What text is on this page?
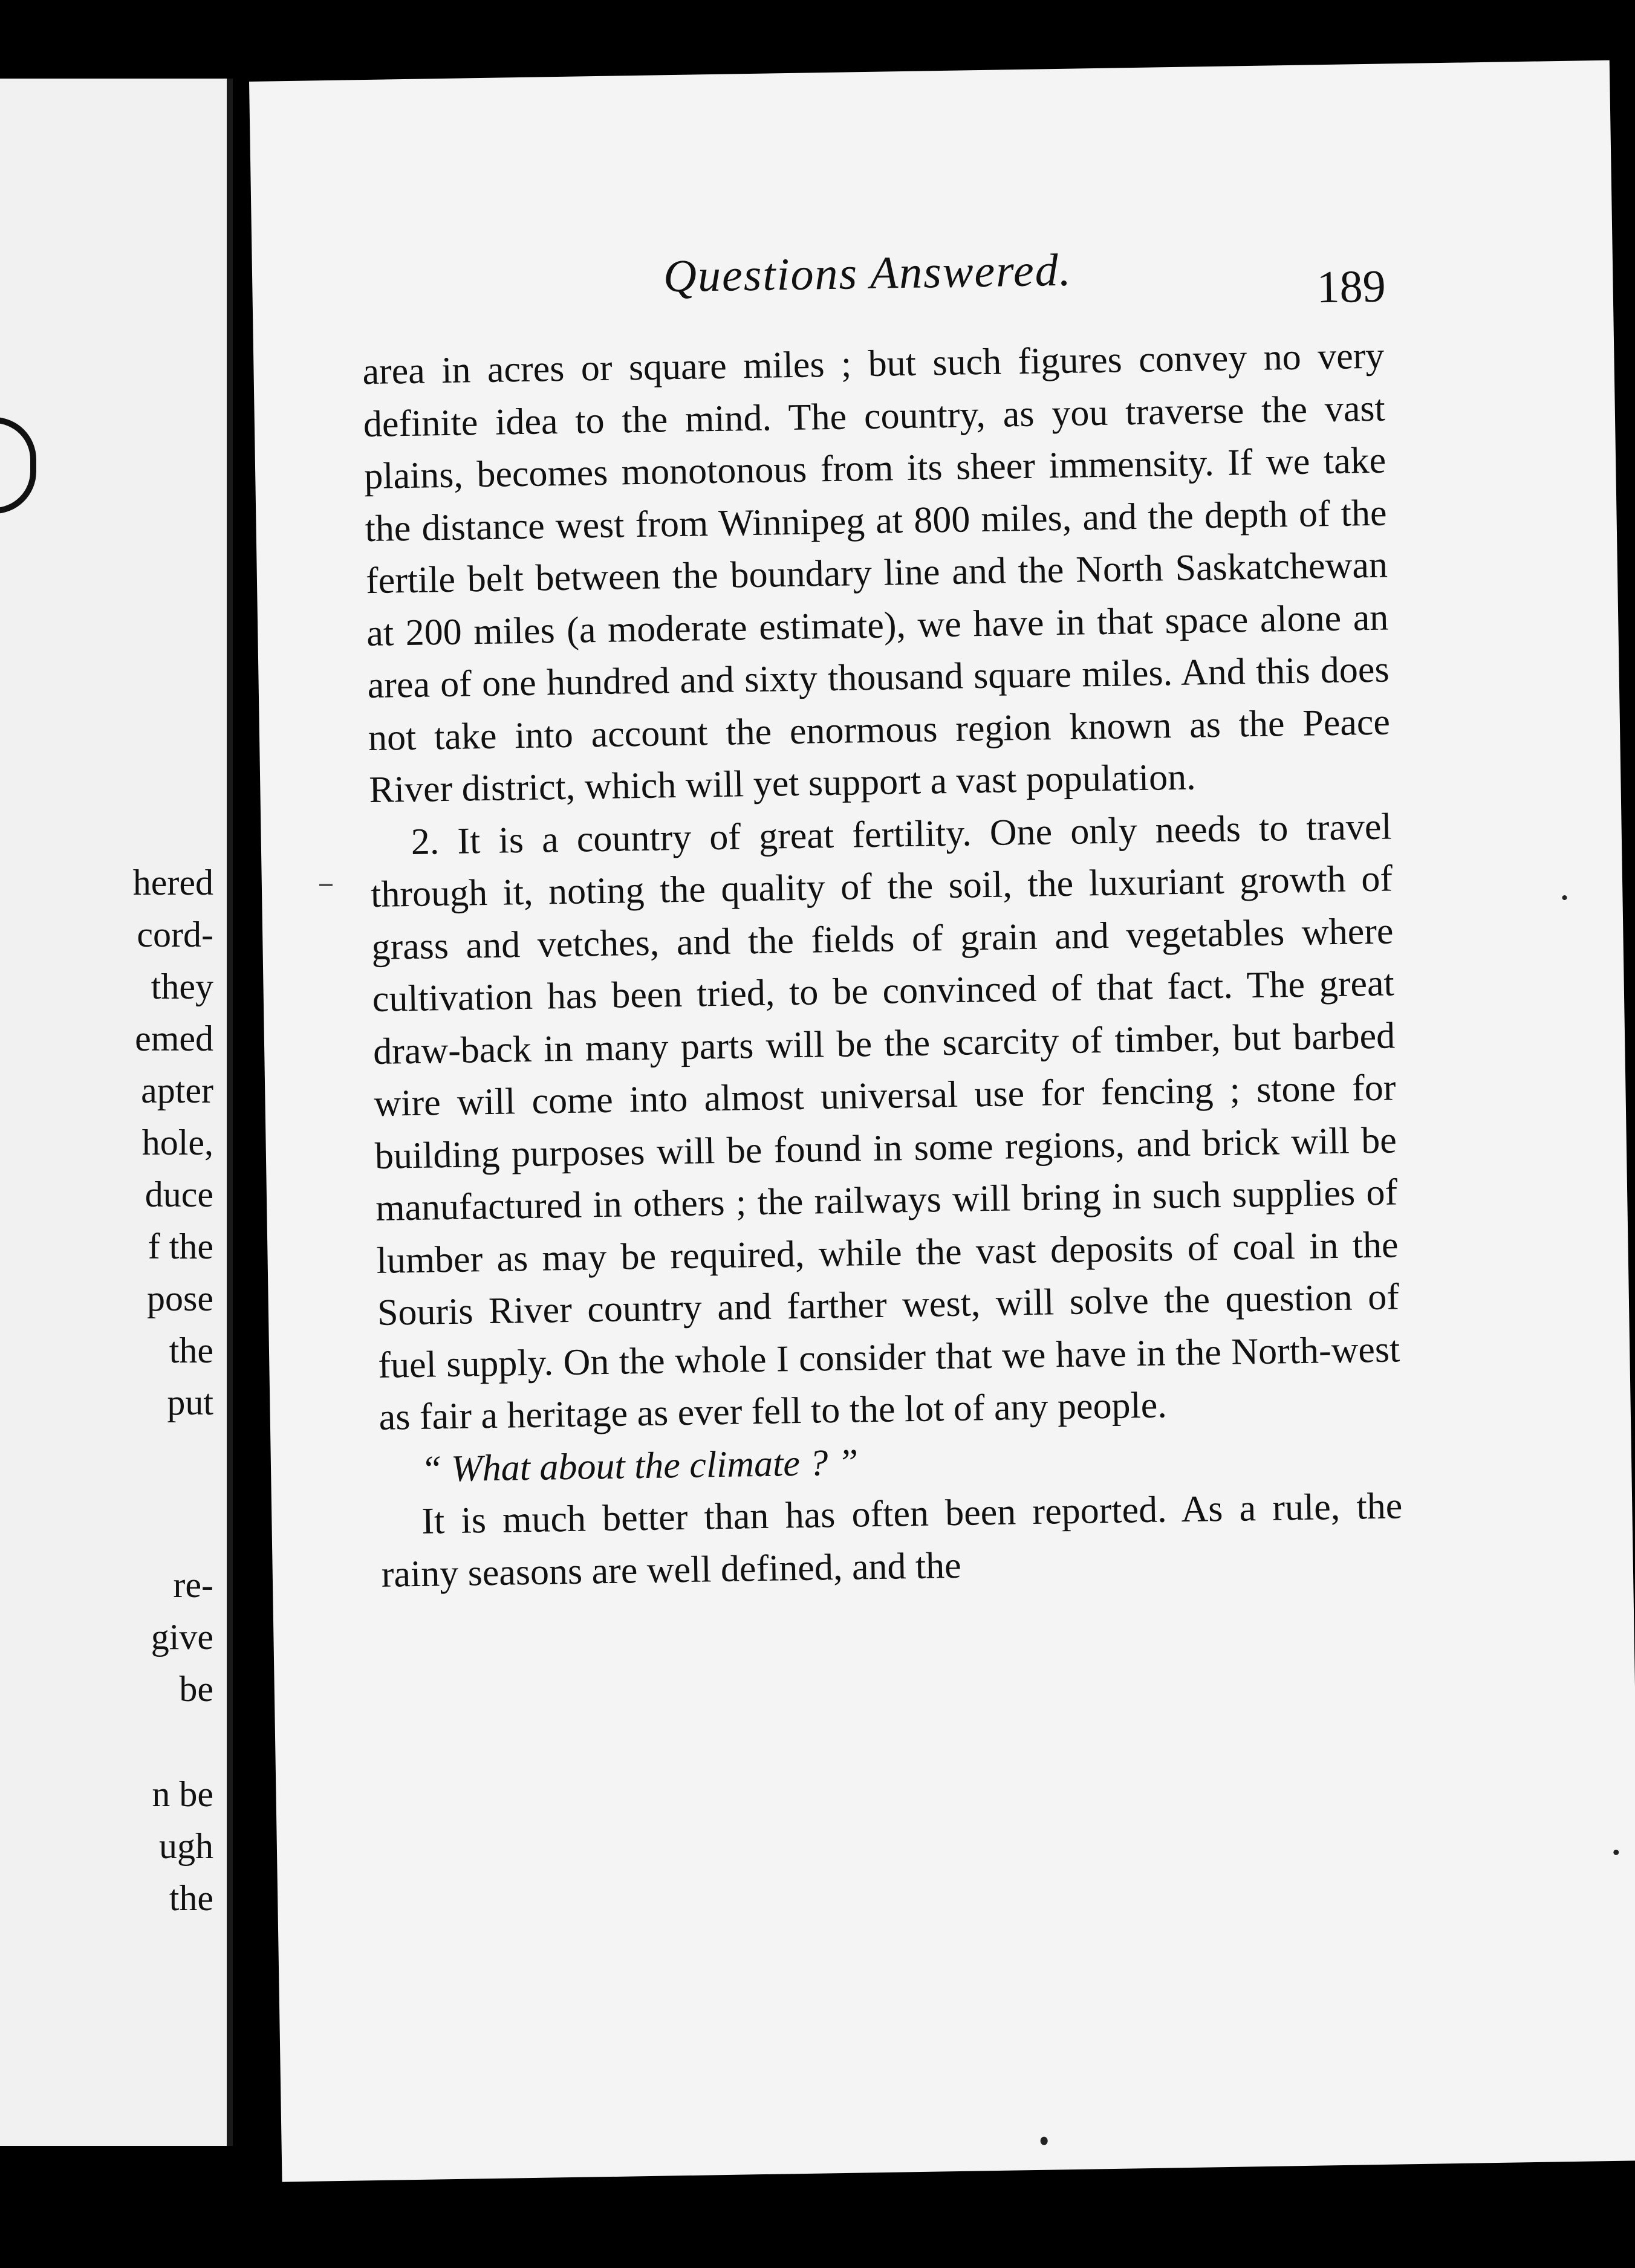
hered
cord-
they
emed
apter
hole,
duce
f the
pose
the
put
re-
give
be
n be
ugh
the
Questions Answered.	189

area in acres or square miles ; but such figures convey no very definite idea to the mind. The country, as you traverse the vast plains, becomes monotonous from its sheer immensity. If we take the distance west from Winnipeg at 800 miles, and the depth of the fertile belt between the boundary line and the North Saskatchewan at 200 miles (a moderate estimate), we have in that space alone an area of one hundred and sixty thousand square miles. And this does not take into account the enormous region known as the Peace River district, which will yet support a vast population.

2. It is a country of great fertility. One only needs to travel through it, noting the quality of the soil, the luxuriant growth of grass and vetches, and the fields of grain and vegetables where cultivation has been tried, to be convinced of that fact. The great draw-back in many parts will be the scarcity of timber, but barbed wire will come into almost universal use for fencing ; stone for building purposes will be found in some regions, and brick will be manufactured in others ; the railways will bring in such supplies of lumber as may be required, while the vast deposits of coal in the Souris River country and farther west, will solve the question of fuel supply. On the whole I consider that we have in the North-west as fair a heritage as ever fell to the lot of any people.

“ What about the climate ? ”

It is much better than has often been reported. As a rule, the rainy seasons are well defined, and the
